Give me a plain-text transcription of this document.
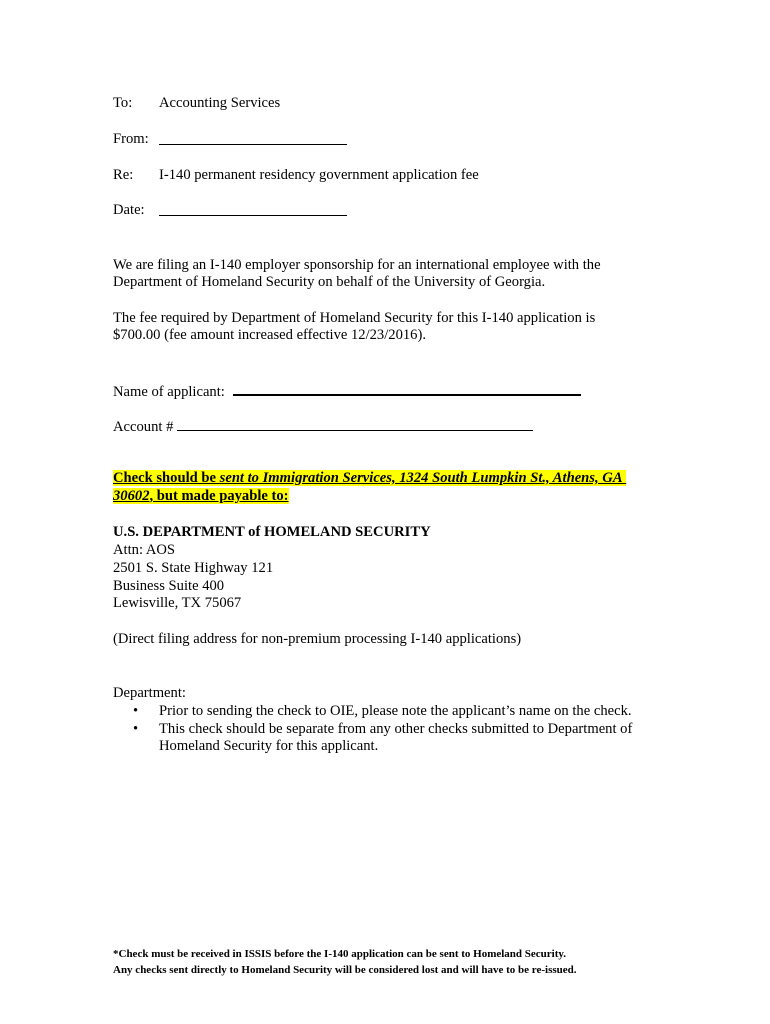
To: Accounting Services
From:
Re: I-140 permanent residency government application fee
Date:
We are filing an I-140 employer sponsorship for an international employee with the
Department of Homeland Security on behalf of the University of Georgia.
The fee required by Department of Homeland Security for this I-140 application is
$700.00 (fee amount increased effective 12/23/2016).
Name of applicant:
Account #
Check should be sent to Immigration Services, 1324 South Lumpkin St., Athens, GA
30602, but made payable to:
U.S. DEPARTMENT of HOMELAND SECURITY
Attn: AOS
2501 S. State Highway 121
Business Suite 400
Lewisville, TX 75067
(Direct filing address for non-premium processing I-140 applications)
Department:
• Prior to sending the check to OIE, please note the applicant’s name on the check.
• This check should be separate from any other checks submitted to Department of
Homeland Security for this applicant.
*Check must be received in ISSIS before the I-140 application can be sent to Homeland Security.
Any checks sent directly to Homeland Security will be considered lost and will have to be re-issued.
